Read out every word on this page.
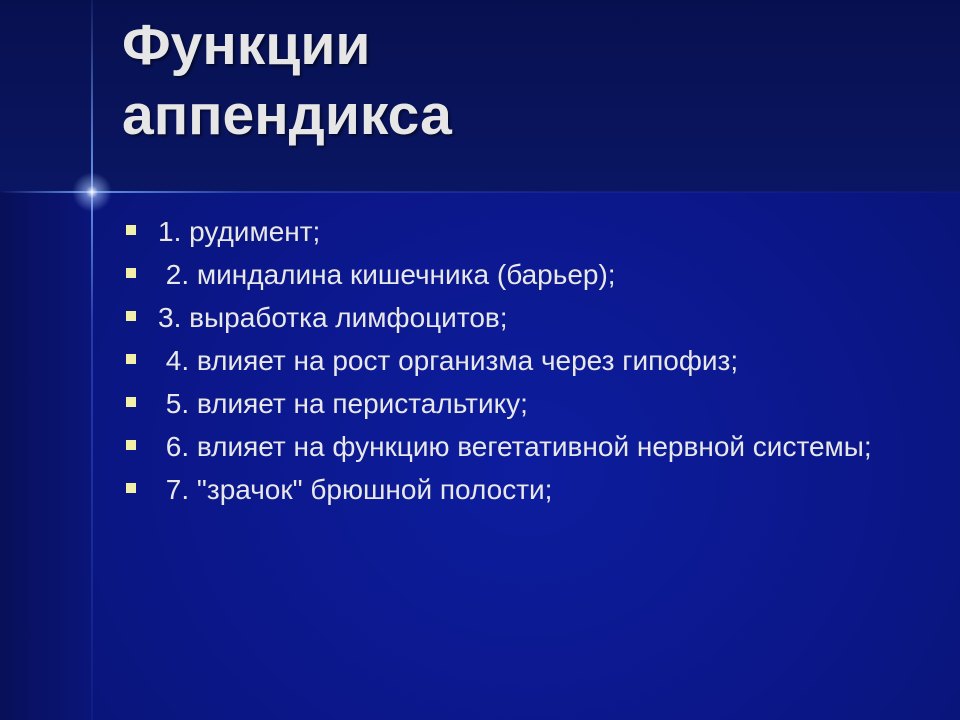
Функции
аппендикса
1. рудимент;
2. миндалина кишечника (барьер);
3. выработка лимфоцитов;
4. влияет на рост организма через гипофиз;
5. влияет на перистальтику;
6. влияет на функцию вегетативной нервной системы;
7. "зрачок" брюшной полости;
